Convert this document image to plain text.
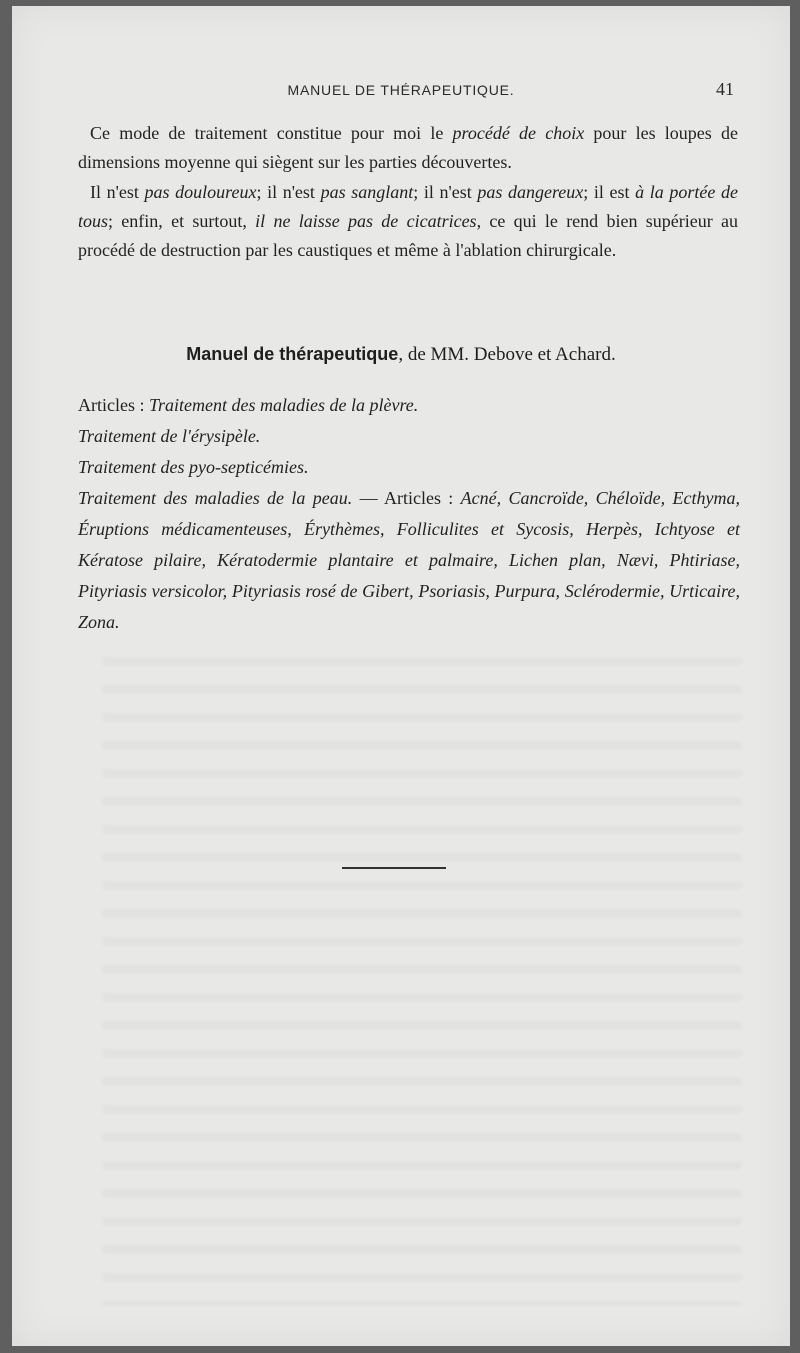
MANUEL DE THÉRAPEUTIQUE.	41
Ce mode de traitement constitue pour moi le procédé de choix pour les loupes de dimensions moyenne qui siègent sur les parties découvertes.
Il n'est pas douloureux; il n'est pas sanglant; il n'est pas dangereux; il est à la portée de tous; enfin, et surtout, il ne laisse pas de cicatrices, ce qui le rend bien supérieur au procédé de destruction par les caustiques et même à l'ablation chirurgicale.
Manuel de thérapeutique, de MM. Debove et Achard.
Articles : Traitement des maladies de la plèvre.
Traitement de l'érysipèle.
Traitement des pyo-septicémies.
Traitement des maladies de la peau. — Articles : Acné, Cancroïde, Chéloïde, Ecthyma, Éruptions médicamenteuses, Érythèmes, Folliculites et Sycosis, Herpès, Ichtyose et Kératose pilaire, Kératodermie plantaire et palmaire, Lichen plan, Nævi, Phtiriase, Pityriasis versicolor, Pityriasis rosé de Gibert, Psoriasis, Purpura, Sclérodermie, Urticaire, Zona.
